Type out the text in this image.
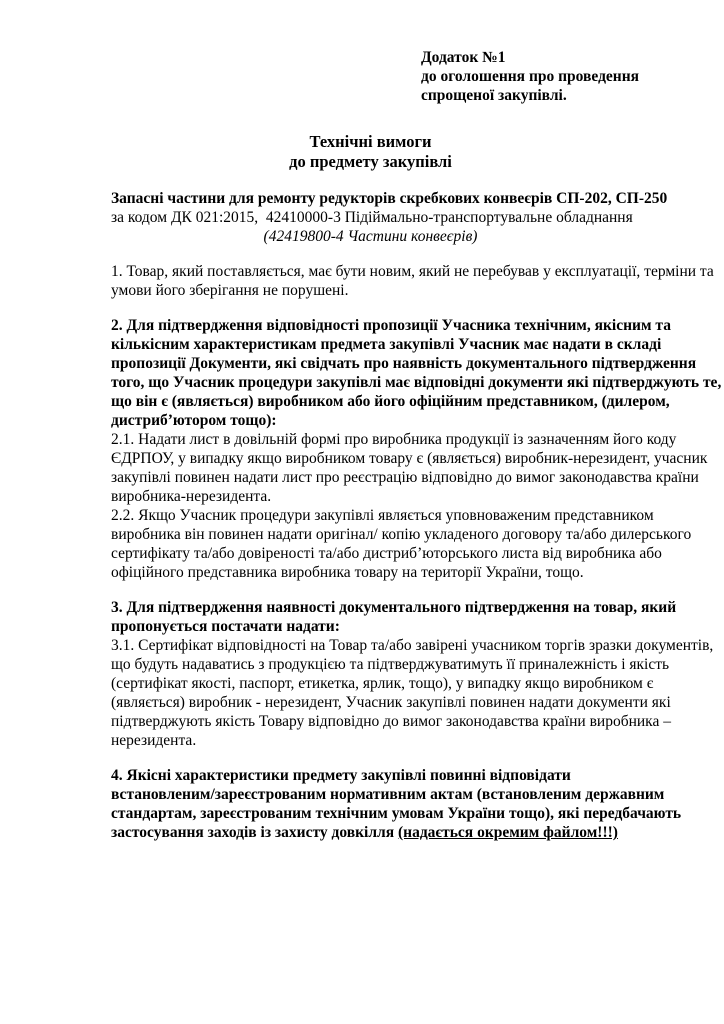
Додаток №1
до оголошення про проведення
спрощеної закупівлі.
Технічні вимоги
до предмету закупівлі
Запасні частини для ремонту редукторів скребкових конвеєрів СП-202, СП-250
за кодом ДК 021:2015,  42410000-3 Підіймально-транспортувальне обладнання
(42419800-4 Частини конвеєрів)
1. Товар, який поставляється, має бути новим, який не перебував у експлуатації, терміни та
умови його зберігання не порушені.
2. Для підтвердження відповідності пропозиції Учасника технічним, якісним та
кількісним характеристикам предмета закупівлі Учасник має надати в складі
пропозиції Документи, які свідчать про наявність документального підтвердження
того, що Учасник процедури закупівлі має відповідні документи які підтверджують те,
що він є (являється) виробником або його офіційним представником, (дилером,
дистриб’ютором тощо):
2.1. Надати лист в довільній формі про виробника продукції із зазначенням його коду
ЄДРПОУ, у випадку якщо виробником товару є (являється) виробник-нерезидент, учасник
закупівлі повинен надати лист про реєстрацію відповідно до вимог законодавства країни
виробника-нерезидента.
2.2. Якщо Учасник процедури закупівлі являється уповноваженим представником
виробника він повинен надати оригінал/ копію укладеного договору та/або дилерського
сертифікату та/або довіреності та/або дистриб’юторського листа від виробника або
офіційного представника виробника товару на території України, тощо.
3. Для підтвердження наявності документального підтвердження на товар, який
пропонується постачати надати:
3.1. Сертифікат відповідності на Товар та/або завірені учасником торгів зразки документів,
що будуть надаватись з продукцією та підтверджуватимуть її приналежність і якість
(сертифікат якості, паспорт, етикетка, ярлик, тощо), у випадку якщо виробником є
(являється) виробник - нерезидент, Учасник закупівлі повинен надати документи які
підтверджують якість Товару відповідно до вимог законодавства країни виробника –
нерезидента.
4. Якісні характеристики предмету закупівлі повинні відповідати
встановленим/зареєстрованим нормативним актам (встановленим державним
стандартам, зареєстрованим технічним умовам України тощо), які передбачають
застосування заходів із захисту довкілля (надається окремим файлом!!!)
